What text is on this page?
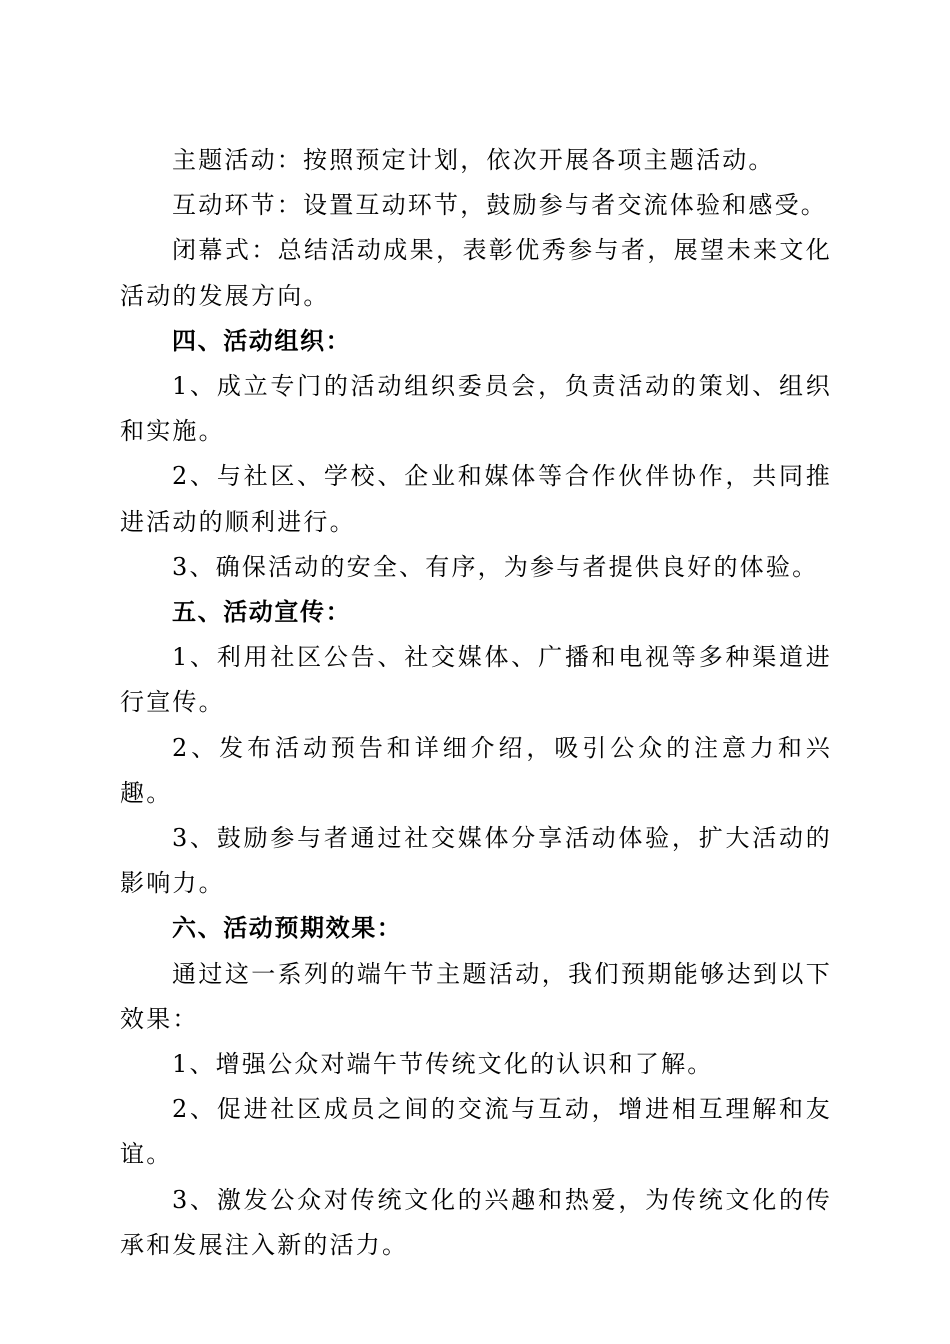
主题活动：按照预定计划，依次开展各项主题活动。

互动环节：设置互动环节，鼓励参与者交流体验和感受。

闭幕式：总结活动成果，表彰优秀参与者，展望未来文化活动的发展方向。

四、活动组织：

1、成立专门的活动组织委员会，负责活动的策划、组织和实施。

2、与社区、学校、企业和媒体等合作伙伴协作，共同推进活动的顺利进行。

3、确保活动的安全、有序，为参与者提供良好的体验。

五、活动宣传：

1、利用社区公告、社交媒体、广播和电视等多种渠道进行宣传。

2、发布活动预告和详细介绍，吸引公众的注意力和兴趣。

3、鼓励参与者通过社交媒体分享活动体验，扩大活动的影响力。

六、活动预期效果：

通过这一系列的端午节主题活动，我们预期能够达到以下效果：

1、增强公众对端午节传统文化的认识和了解。

2、促进社区成员之间的交流与互动，增进相互理解和友谊。

3、激发公众对传统文化的兴趣和热爱，为传统文化的传承和发展注入新的活力。
